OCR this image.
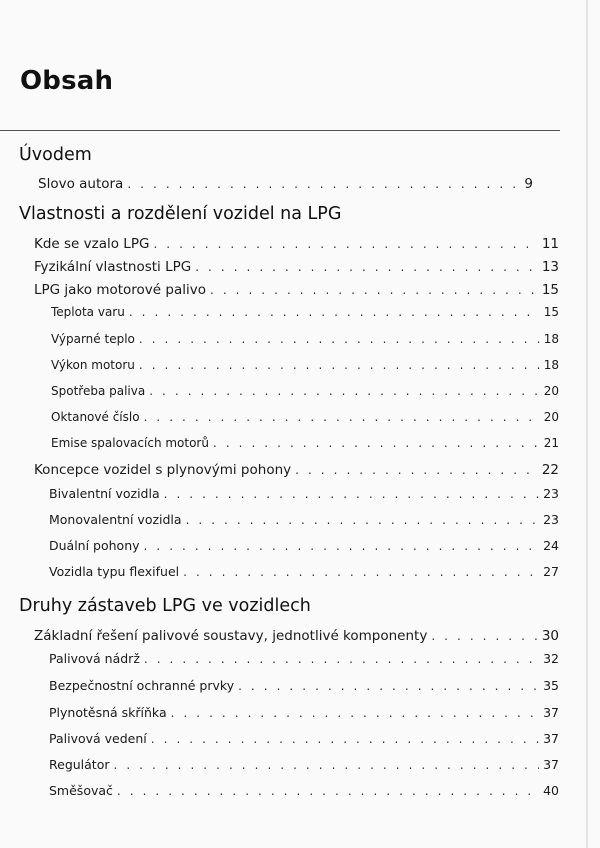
Obsah
Úvodem
Slovo autora . . .	9
Vlastnosti a rozdělení vozidel na LPG
Kde se vzalo LPG . . .	11
Fyzikální vlastnosti LPG . . .	13
LPG jako motorové palivo . . .	15
Teplota varu . . .	15
Výparné teplo . . .	18
Výkon motoru . . .	18
Spotřeba paliva . . .	20
Oktanové číslo . . .	20
Emise spalovacích motorů . . .	21
Koncepce vozidel s plynovými pohony . . .	22
Bivalentní vozidla . . .	23
Monovalentní vozidla . . .	23
Duální pohony . . .	24
Vozidla typu flexifuel . . .	27
Druhy zástaveb LPG ve vozidlech
Základní řešení palivové soustavy, jednotlivé komponenty . . .	30
Palivová nádrž . . .	32
Bezpečnostní ochranné prvky . . .	35
Plynotěsná skříňka . . .	37
Palivová vedení . . .	37
Regulátor . . .	37
Směšovač . . .	40
